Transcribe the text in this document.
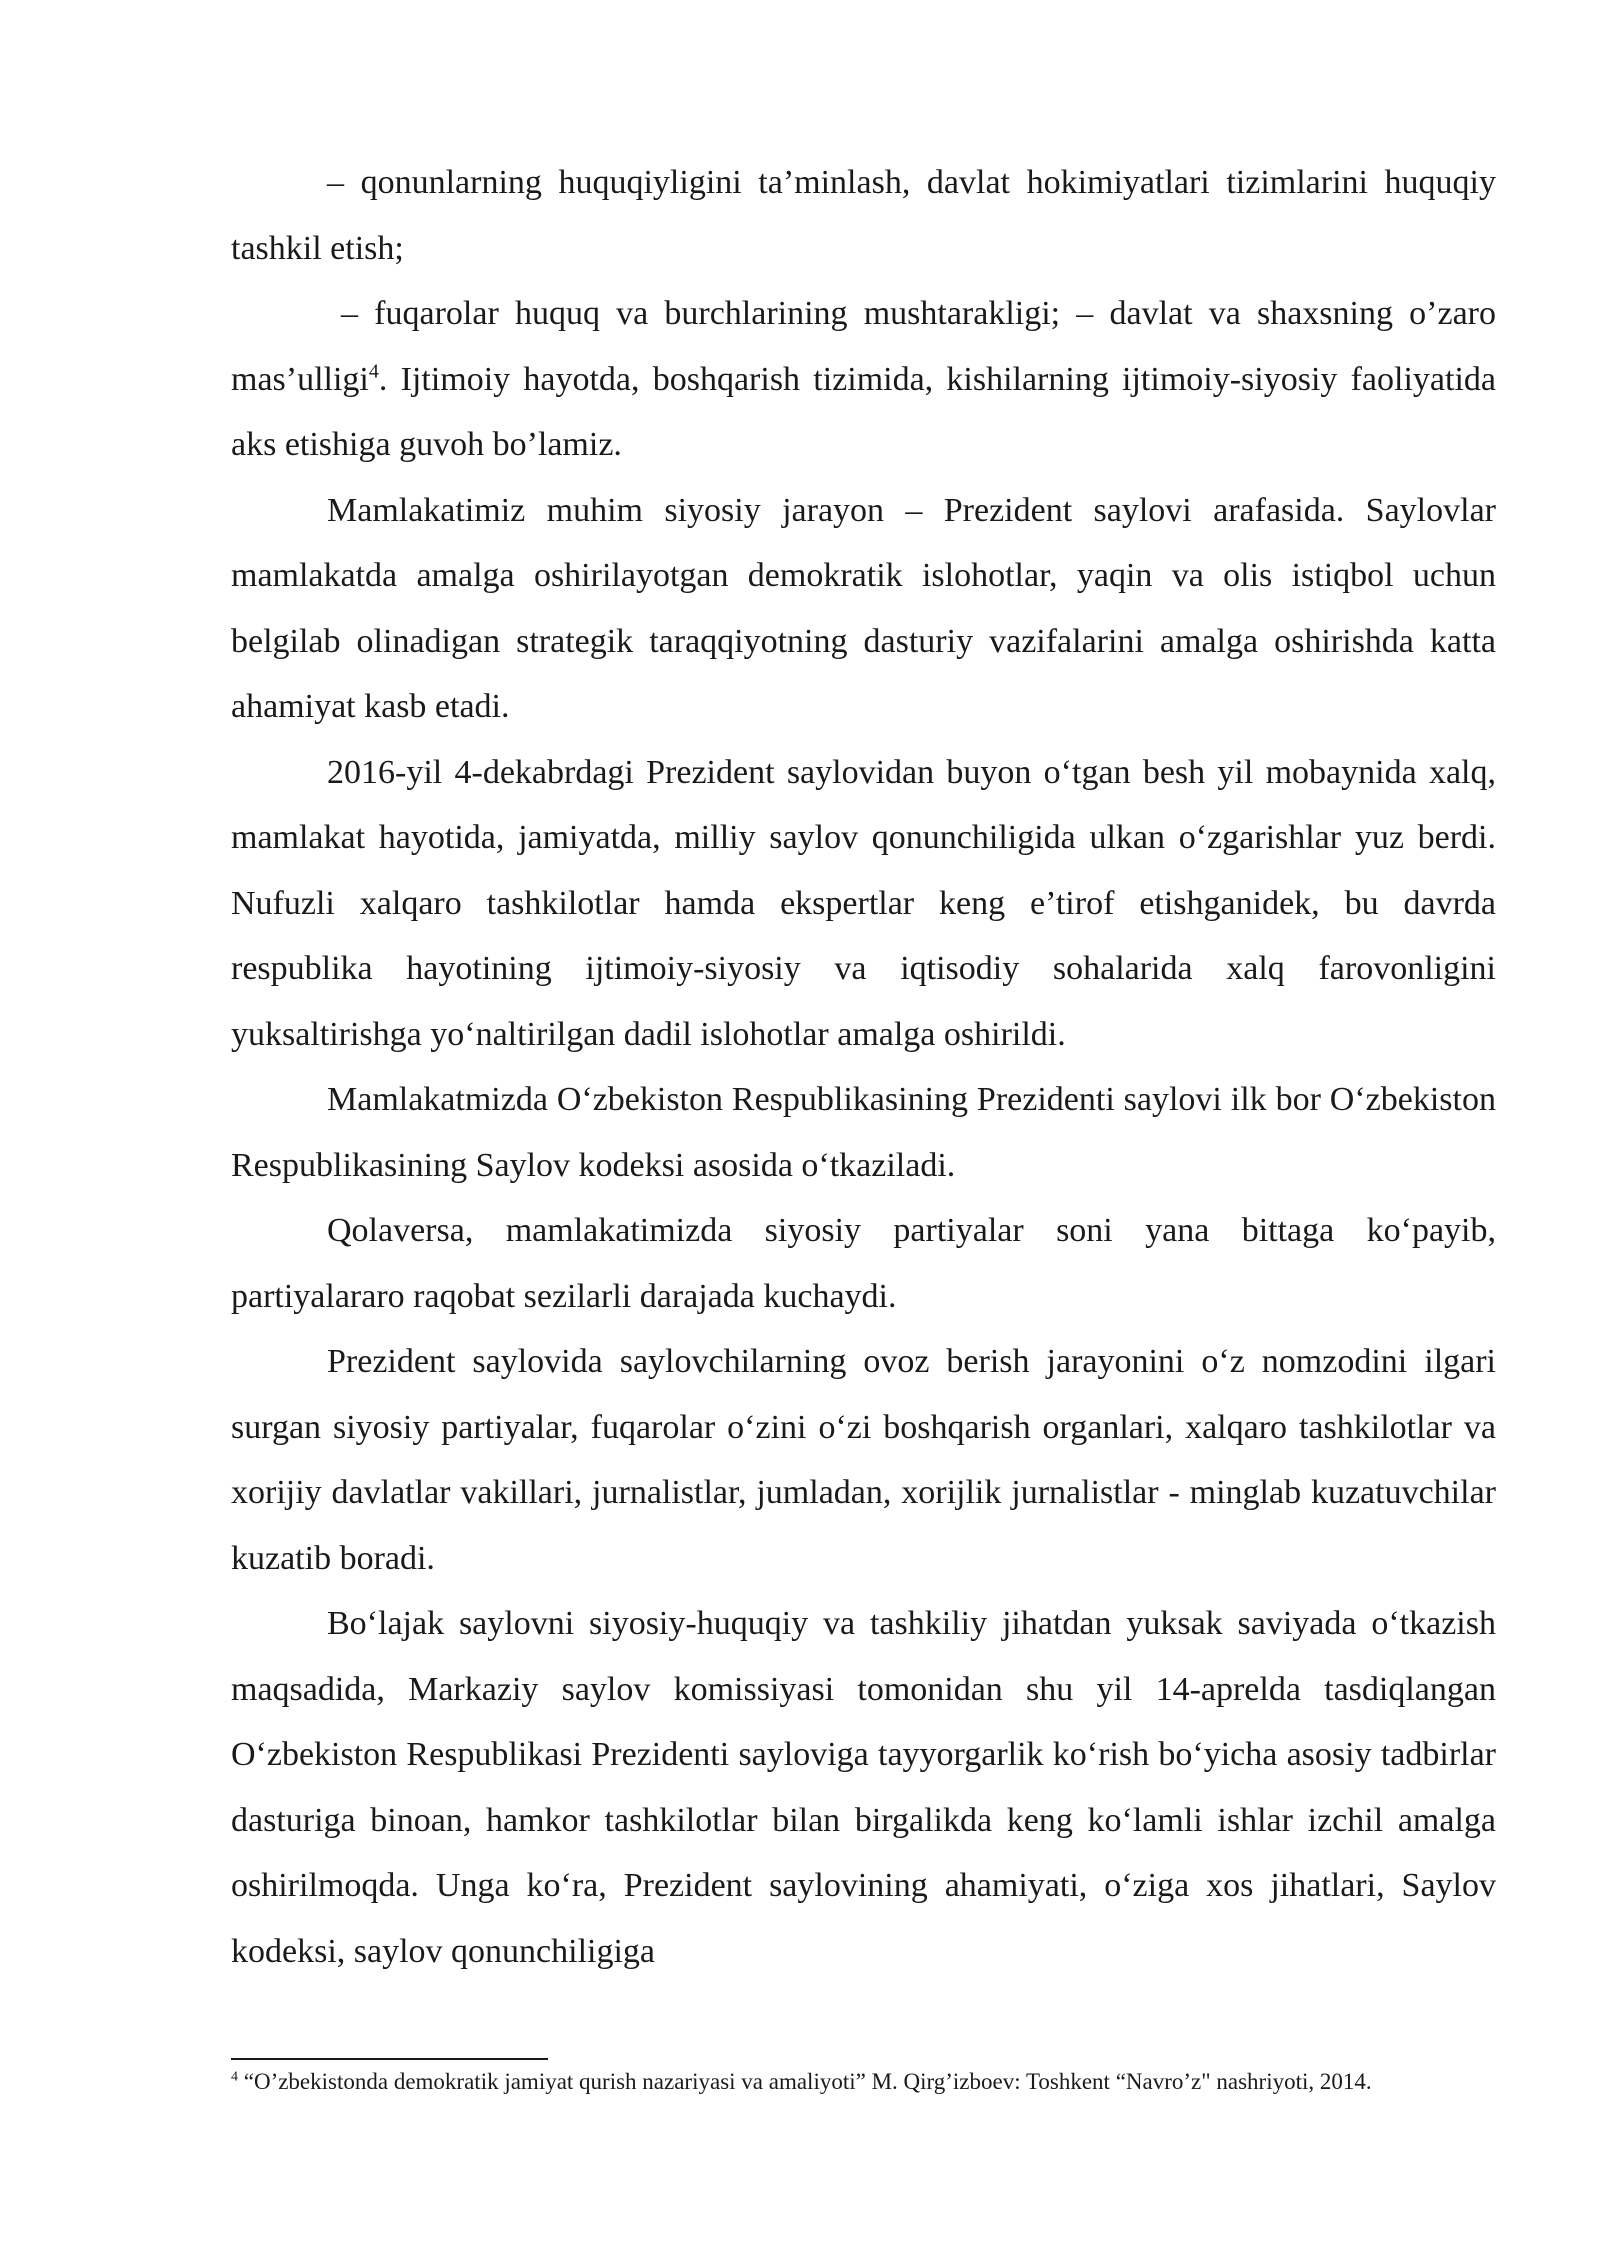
– qonunlarning huquqiyligini ta’minlash, davlat hokimiyatlari tizimlarini huquqiy tashkil etish;

– fuqarolar huquq va burchlarining mushtarakligi; – davlat va shaxsning o’zaro mas’ulligi$^4$. Ijtimoiy hayotda, boshqarish tizimida, kishilarning ijtimoiy-siyosiy faoliyatida aks etishiga guvoh bo’lamiz.

Mamlakatimiz muhim siyosiy jarayon – Prezident saylovi arafasida. Saylovlar mamlakatda amalga oshirilayotgan demokratik islohotlar, yaqin va olis istiqbol uchun belgilab olinadigan strategik taraqqiyotning dasturiy vazifalarini amalga oshirishda katta ahamiyat kasb etadi.

2016-yil 4-dekabrdagi Prezident saylovidan buyon oʻtgan besh yil mobaynida xalq, mamlakat hayotida, jamiyatda, milliy saylov qonunchiligida ulkan oʻzgarishlar yuz berdi. Nufuzli xalqaro tashkilotlar hamda ekspertlar keng e’tirof etishganidek, bu davrda respublika hayotining ijtimoiy-siyosiy va iqtisodiy sohalarida xalq farovonligini yuksaltirishga yoʻnaltirilgan dadil islohotlar amalga oshirildi.

Mamlakatmizda Oʻzbekiston Respublikasining Prezidenti saylovi ilk bor Oʻzbekiston Respublikasining Saylov kodeksi asosida oʻtkaziladi.

Qolaversa, mamlakatimizda siyosiy partiyalar soni yana bittaga koʻpayib, partiyalararo raqobat sezilarli darajada kuchaydi.

Prezident saylovida saylovchilarning ovoz berish jarayonini oʻz nomzodini ilgari surgan siyosiy partiyalar, fuqarolar oʻzini oʻzi boshqarish organlari, xalqaro tashkilotlar va xorijiy davlatlar vakillari, jurnalistlar, jumladan, xorijlik jurnalistlar - minglab kuzatuvchilar kuzatib boradi.

Boʻlajak saylovni siyosiy-huquqiy va tashkiliy jihatdan yuksak saviyada oʻtkazish maqsadida, Markaziy saylov komissiyasi tomonidan shu yil 14-aprelda tasdiqlangan Oʻzbekiston Respublikasi Prezidenti sayloviga tayyorgarlik koʻrish boʻyicha asosiy tadbirlar dasturiga binoan, hamkor tashkilotlar bilan birgalikda keng koʻlamli ishlar izchil amalga oshirilmoqda. Unga koʻra, Prezident saylovining ahamiyati, oʻziga xos jihatlari, Saylov kodeksi, saylov qonunchiligiga

$^4$ “O’zbekistonda demokratik jamiyat qurish nazariyasi va amaliyoti” M. Qirg’izboev: Toshkent “Navro’z" nashriyoti, 2014.
